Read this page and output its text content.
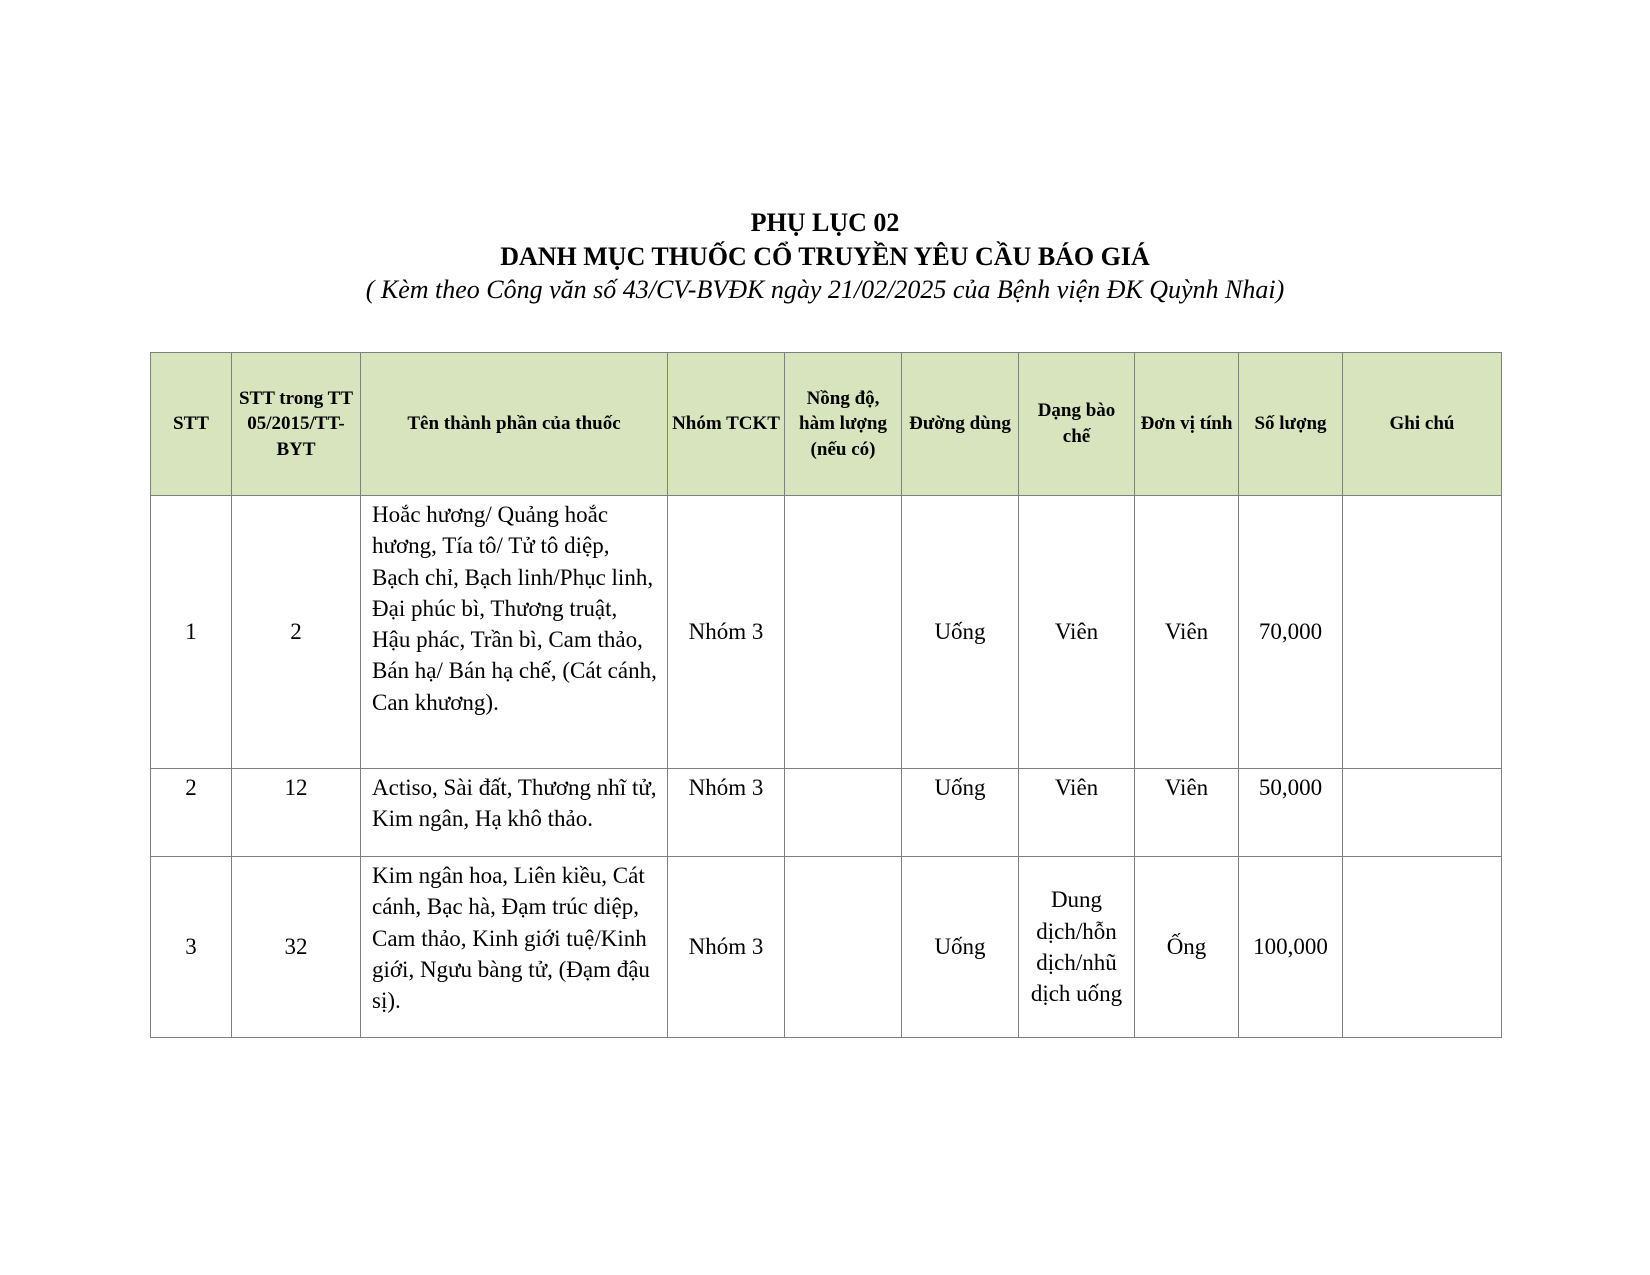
PHỤ LỤC 02

DANH MỤC THUỐC CỔ TRUYỀN YÊU CẦU BÁO GIÁ

( Kèm theo Công văn số 43/CV-BVĐK ngày 21/02/2025 của Bệnh viện ĐK Quỳnh Nhai)

STT	STT trong TT 05/2015/TT-BYT	Tên thành phần của thuốc	Nhóm TCKT	Nồng độ, hàm lượng (nếu có)	Đường dùng	Dạng bào chế	Đơn vị tính	Số lượng	Ghi chú
1	2	Hoắc hương/ Quảng hoắc hương, Tía tô/ Tử tô diệp, Bạch chỉ, Bạch linh/Phục linh, Đại phúc bì, Thương truật, Hậu phác, Trần bì, Cam thảo, Bán hạ/ Bán hạ chế, (Cát cánh, Can khương).	Nhóm 3		Uống	Viên	Viên	70,000	
2	12	Actiso, Sài đất, Thương nhĩ tử, Kim ngân, Hạ khô thảo.	Nhóm 3		Uống	Viên	Viên	50,000	
3	32	Kim ngân hoa, Liên kiều, Cát cánh, Bạc hà, Đạm trúc diệp, Cam thảo, Kinh giới tuệ/Kinh giới, Ngưu bàng tử, (Đạm đậu sị).	Nhóm 3		Uống	Dung dịch/hỗn dịch/nhũ dịch uống	Ống	100,000	
